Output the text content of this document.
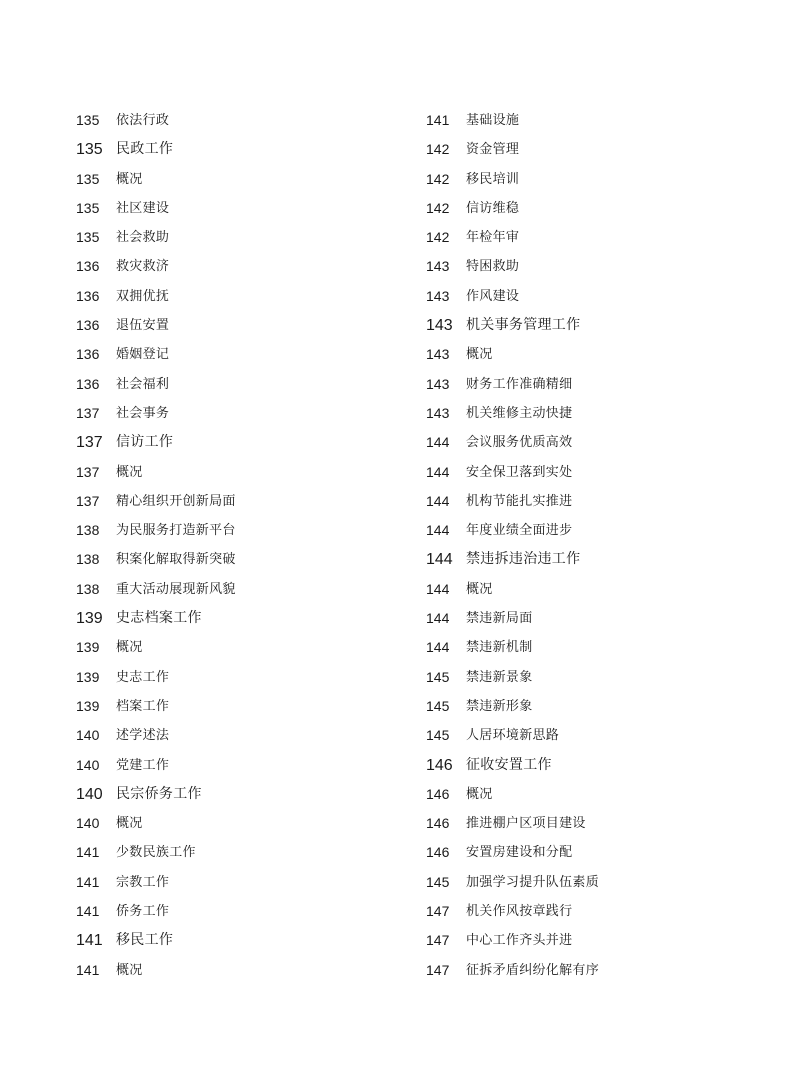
135	依法行政
135 民政工作
135	概况
135	社区建设
135	社会救助
136	救灾救济
136	双拥优抚
136	退伍安置
136	婚姻登记
136	社会福利
137	社会事务
137 信访工作
137	概况
137	精心组织开创新局面
138	为民服务打造新平台
138	积案化解取得新突破
138	重大活动展现新风貌
139 史志档案工作
139	概况
139	史志工作
139	档案工作
140	述学述法
140	党建工作
140 民宗侨务工作
140	概况
141	少数民族工作
141	宗教工作
141	侨务工作
141 移民工作
141	概况
141	基础设施
142	资金管理
142	移民培训
142	信访维稳
142	年检年审
143	特困救助
143	作风建设
143 机关事务管理工作
143	概况
143	财务工作准确精细
143	机关维修主动快捷
144	会议服务优质高效
144	安全保卫落到实处
144	机构节能扎实推进
144	年度业绩全面进步
144 禁违拆违治违工作
144	概况
144	禁违新局面
144	禁违新机制
145	禁违新景象
145	禁违新形象
145	人居环境新思路
146 征收安置工作
146	概况
146	推进棚户区项目建设
146	安置房建设和分配
145	加强学习提升队伍素质
147	机关作风按章践行
147	中心工作齐头并进
147	征拆矛盾纠纷化解有序
